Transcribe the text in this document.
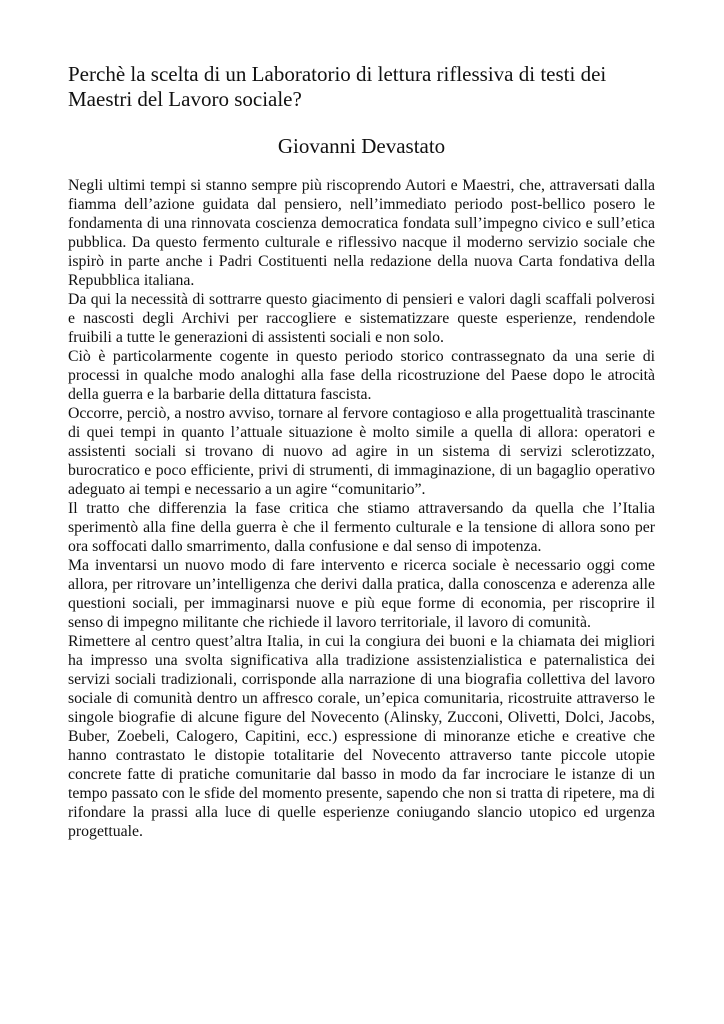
Perchè la scelta di un Laboratorio di lettura riflessiva di testi dei Maestri del Lavoro sociale?
Giovanni Devastato

Negli ultimi tempi si stanno sempre più riscoprendo Autori e Maestri, che, attraversati dalla fiamma dell’azione guidata dal pensiero, nell’immediato periodo post-bellico posero le fondamenta di una rinnovata coscienza democratica fondata sull’impegno civico e sull’etica pubblica. Da questo fermento culturale e riflessivo nacque il moderno servizio sociale che ispirò in parte anche i Padri Costituenti nella redazione della nuova Carta fondativa della Repubblica italiana.

Da qui la necessità di sottrarre questo giacimento di pensieri e valori dagli scaffali polverosi e nascosti degli Archivi per raccogliere e sistematizzare queste esperienze, rendendole fruibili a tutte le generazioni di assistenti sociali e non solo.

Ciò è particolarmente cogente in questo periodo storico contrassegnato da una serie di processi in qualche modo analoghi alla fase della ricostruzione del Paese dopo le atrocità della guerra e la barbarie della dittatura fascista.

Occorre, perciò, a nostro avviso, tornare al fervore contagioso e alla progettualità trascinante di quei tempi in quanto l’attuale situazione è molto simile a quella di allora: operatori e assistenti sociali si trovano di nuovo ad agire in un sistema di servizi sclerotizzato, burocratico e poco efficiente, privi di strumenti, di immaginazione, di un bagaglio operativo adeguato ai tempi e necessario a un agire “comunitario”.

Il tratto che differenzia la fase critica che stiamo attraversando da quella che l’Italia sperimentò alla fine della guerra è che il fermento culturale e la tensione di allora sono per ora soffocati dallo smarrimento, dalla confusione e dal senso di impotenza.

Ma inventarsi un nuovo modo di fare intervento e ricerca sociale è necessario oggi come allora, per ritrovare un’intelligenza che derivi dalla pratica, dalla conoscenza e aderenza alle questioni sociali, per immaginarsi nuove e più eque forme di economia, per riscoprire il senso di impegno militante che richiede il lavoro territoriale, il lavoro di comunità.

Rimettere al centro quest’altra Italia, in cui la congiura dei buoni e la chiamata dei migliori ha impresso una svolta significativa alla tradizione assistenzialistica e paternalistica dei servizi sociali tradizionali, corrisponde alla narrazione di una biografia collettiva del lavoro sociale di comunità dentro un affresco corale, un’epica comunitaria, ricostruite attraverso le singole biografie di alcune figure del Novecento (Alinsky, Zucconi, Olivetti, Dolci, Jacobs, Buber, Zoebeli, Calogero, Capitini, ecc.) espressione di minoranze etiche e creative che hanno contrastato le distopie totalitarie del Novecento attraverso tante piccole utopie concrete fatte di pratiche comunitarie dal basso in modo da far incrociare le istanze di un tempo passato con le sfide del momento presente, sapendo che non si tratta di ripetere, ma di rifondare la prassi alla luce di quelle esperienze coniugando slancio utopico ed urgenza progettuale.
